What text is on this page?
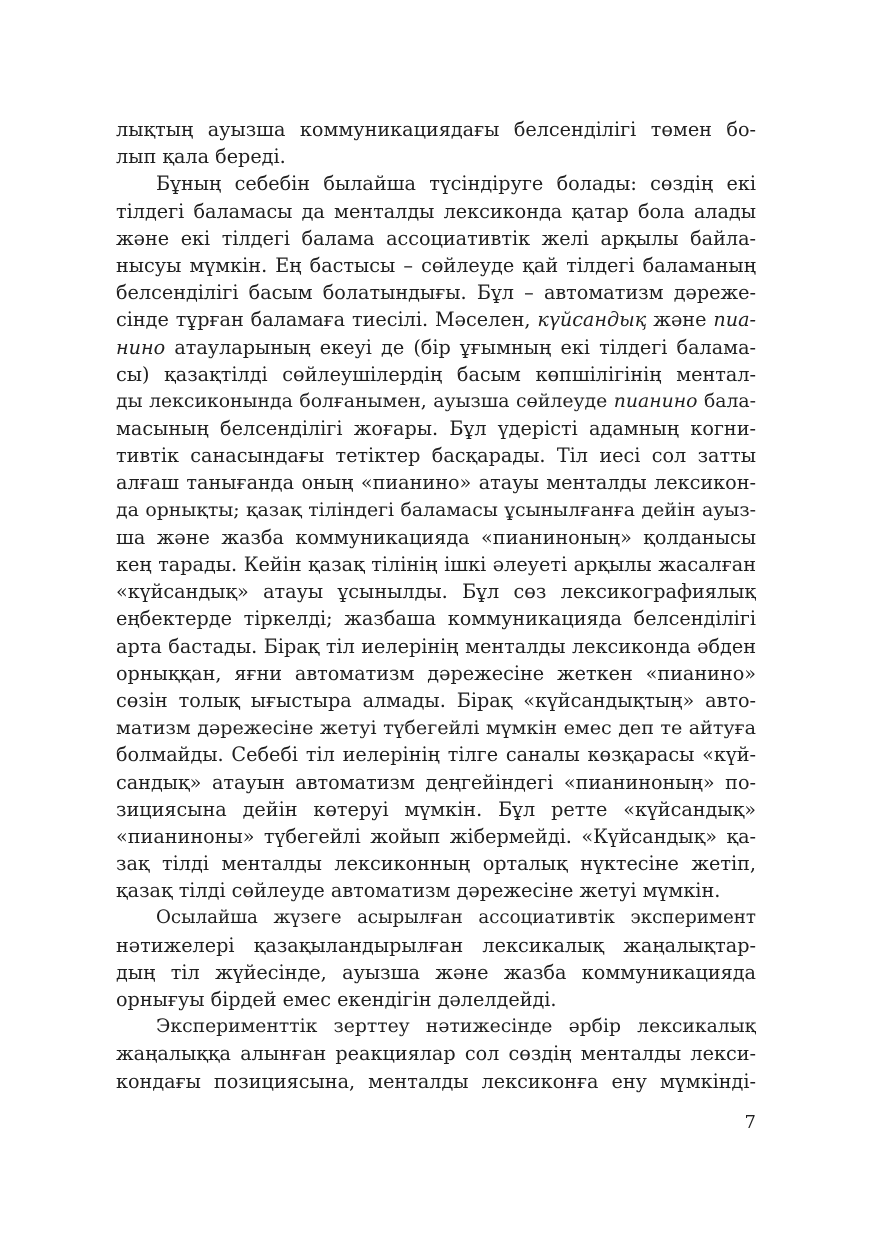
лықтың ауызша коммуникациядағы белсенділігі төмен бо-
лып қала береді.
Бұның себебін былайша түсіндіруге болады: сөздің екі
тілдегі баламасы да менталды лексиконда қатар бола алады
және екі тілдегі балама ассоциативтік желі арқылы байла-
нысуы мүмкін. Ең бастысы – сөйлеуде қай тілдегі баламаның
белсенділігі басым болатындығы. Бұл – автоматизм дәреже-
сінде тұрған баламаға тиесілі. Мәселен, күйсандық және пиа-
нино атауларының екеуі де (бір ұғымның екі тілдегі балама-
сы) қазақтілді сөйлеушілердің басым көпшілігінің ментал-
ды лексиконында болғанымен, ауызша сөйлеуде пианино бала-
масының белсенділігі жоғары. Бұл үдерісті адамның когни-
тивтік санасындағы тетіктер басқарады. Тіл иесі сол затты
алғаш танығанда оның «пианино» атауы менталды лексикон-
да орнықты; қазақ тіліндегі баламасы ұсынылғанға дейін ауыз-
ша және жазба коммуникацияда «пианиноның» қолданысы
кең тарады. Кейін қазақ тілінің ішкі әлеуеті арқылы жасалған
«күйсандық» атауы ұсынылды. Бұл сөз лексикографиялық
еңбектерде тіркелді; жазбаша коммуникацияда белсенділігі
арта бастады. Бірақ тіл иелерінің менталды лексиконда әбден
орныққан, яғни автоматизм дәрежесіне жеткен «пианино»
сөзін толық ығыстыра алмады. Бірақ «күйсандықтың» авто-
матизм дәрежесіне жетуі түбегейлі мүмкін емес деп те айтуға
болмайды. Себебі тіл иелерінің тілге саналы көзқарасы «күй-
сандық» атауын автоматизм деңгейіндегі «пианиноның» по-
зициясына дейін көтеруі мүмкін. Бұл ретте «күйсандық»
«пианиноны» түбегейлі жойып жібермейді. «Күйсандық» қа-
зақ тілді менталды лексиконның орталық нүктесіне жетіп,
қазақ тілді сөйлеуде автоматизм дәрежесіне жетуі мүмкін.
Осылайша жүзеге асырылған ассоциативтік эксперимент
нәтижелері қазақыландырылған лексикалық жаңалықтар-
дың тіл жүйесінде, ауызша және жазба коммуникацияда
орнығуы бірдей емес екендігін дәлелдейді.
Эксперименттік зерттеу нәтижесінде әрбір лексикалық
жаңалыққа алынған реакциялар сол сөздің менталды лекси-
кондағы позициясына, менталды лексиконға ену мүмкінді-
7
